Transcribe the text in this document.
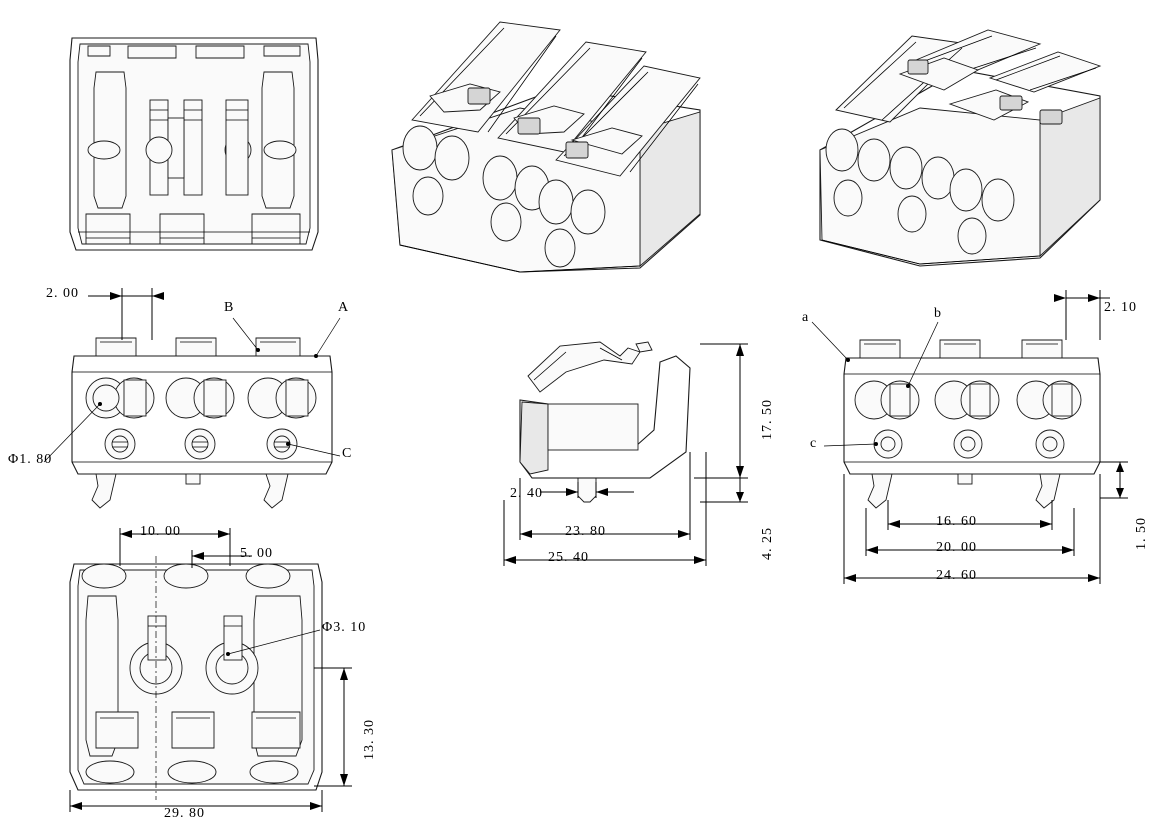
2. 00
Φ1. 80
A
B
C
a	b
c
17. 50
4. 25
2. 40
23. 80
25. 40
2. 10
16. 60
20. 00
24. 60
1. 50
10. 00
5. 00
Φ3. 10
13. 30
29. 80
